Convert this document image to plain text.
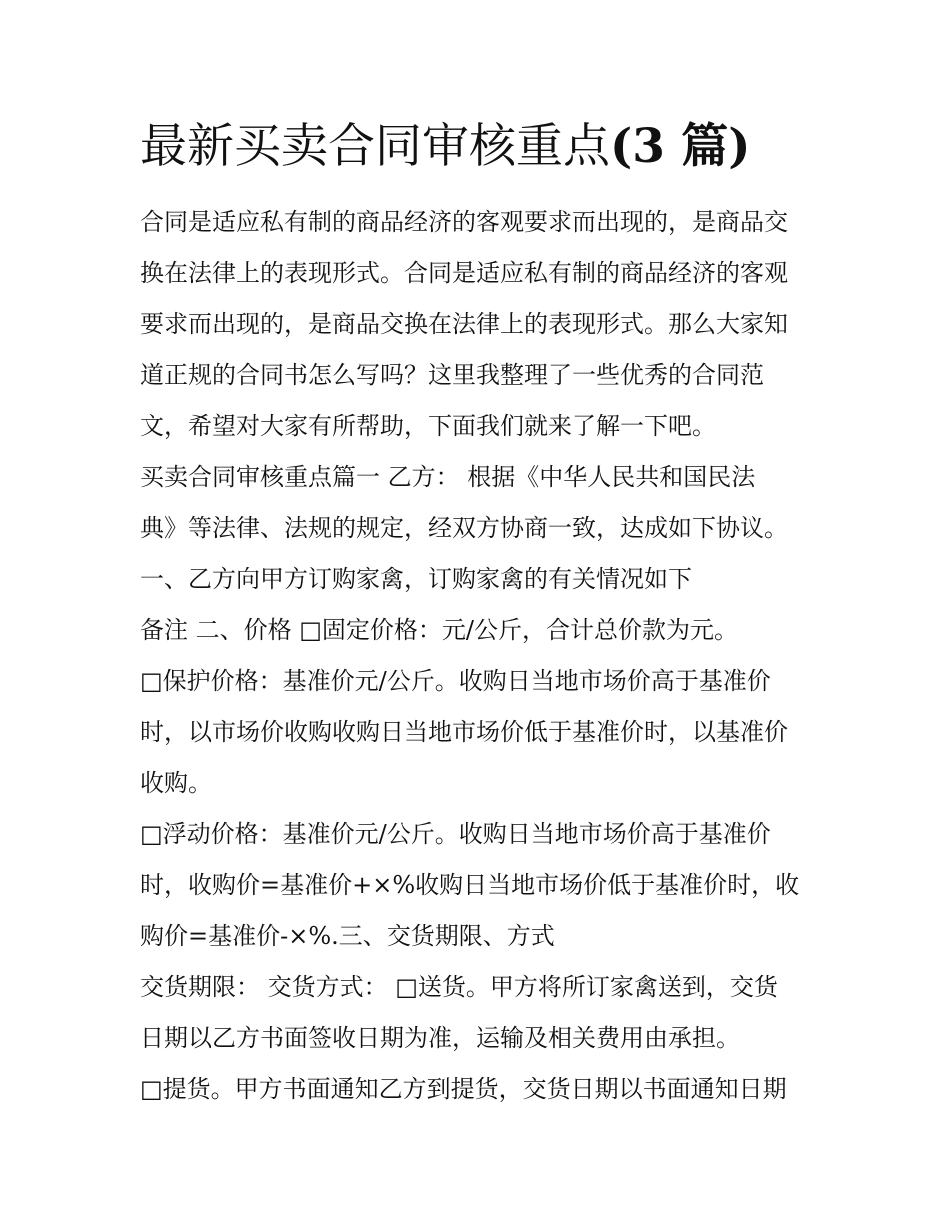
最新买卖合同审核重点(3 篇)
合同是适应私有制的商品经济的客观要求而出现的，是商品交
换在法律上的表现形式。合同是适应私有制的商品经济的客观
要求而出现的，是商品交换在法律上的表现形式。那么大家知
道正规的合同书怎么写吗？这里我整理了一些优秀的合同范
文，希望对大家有所帮助，下面我们就来了解一下吧。
买卖合同审核重点篇一 乙方： 根据《中华人民共和国民法
典》等法律、法规的规定，经双方协商一致，达成如下协议。
一、乙方向甲方订购家禽，订购家禽的有关情况如下
备注 二、价格 □固定价格：元/公斤，合计总价款为元。
□保护价格：基准价元/公斤。收购日当地市场价高于基准价
时，以市场价收购收购日当地市场价低于基准价时，以基准价
收购。
□浮动价格：基准价元/公斤。收购日当地市场价高于基准价
时，收购价=基准价+×%收购日当地市场价低于基准价时，收
购价=基准价-×%.三、交货期限、方式
交货期限： 交货方式： □送货。甲方将所订家禽送到，交货
日期以乙方书面签收日期为准，运输及相关费用由承担。
□提货。甲方书面通知乙方到提货，交货日期以书面通知日期
